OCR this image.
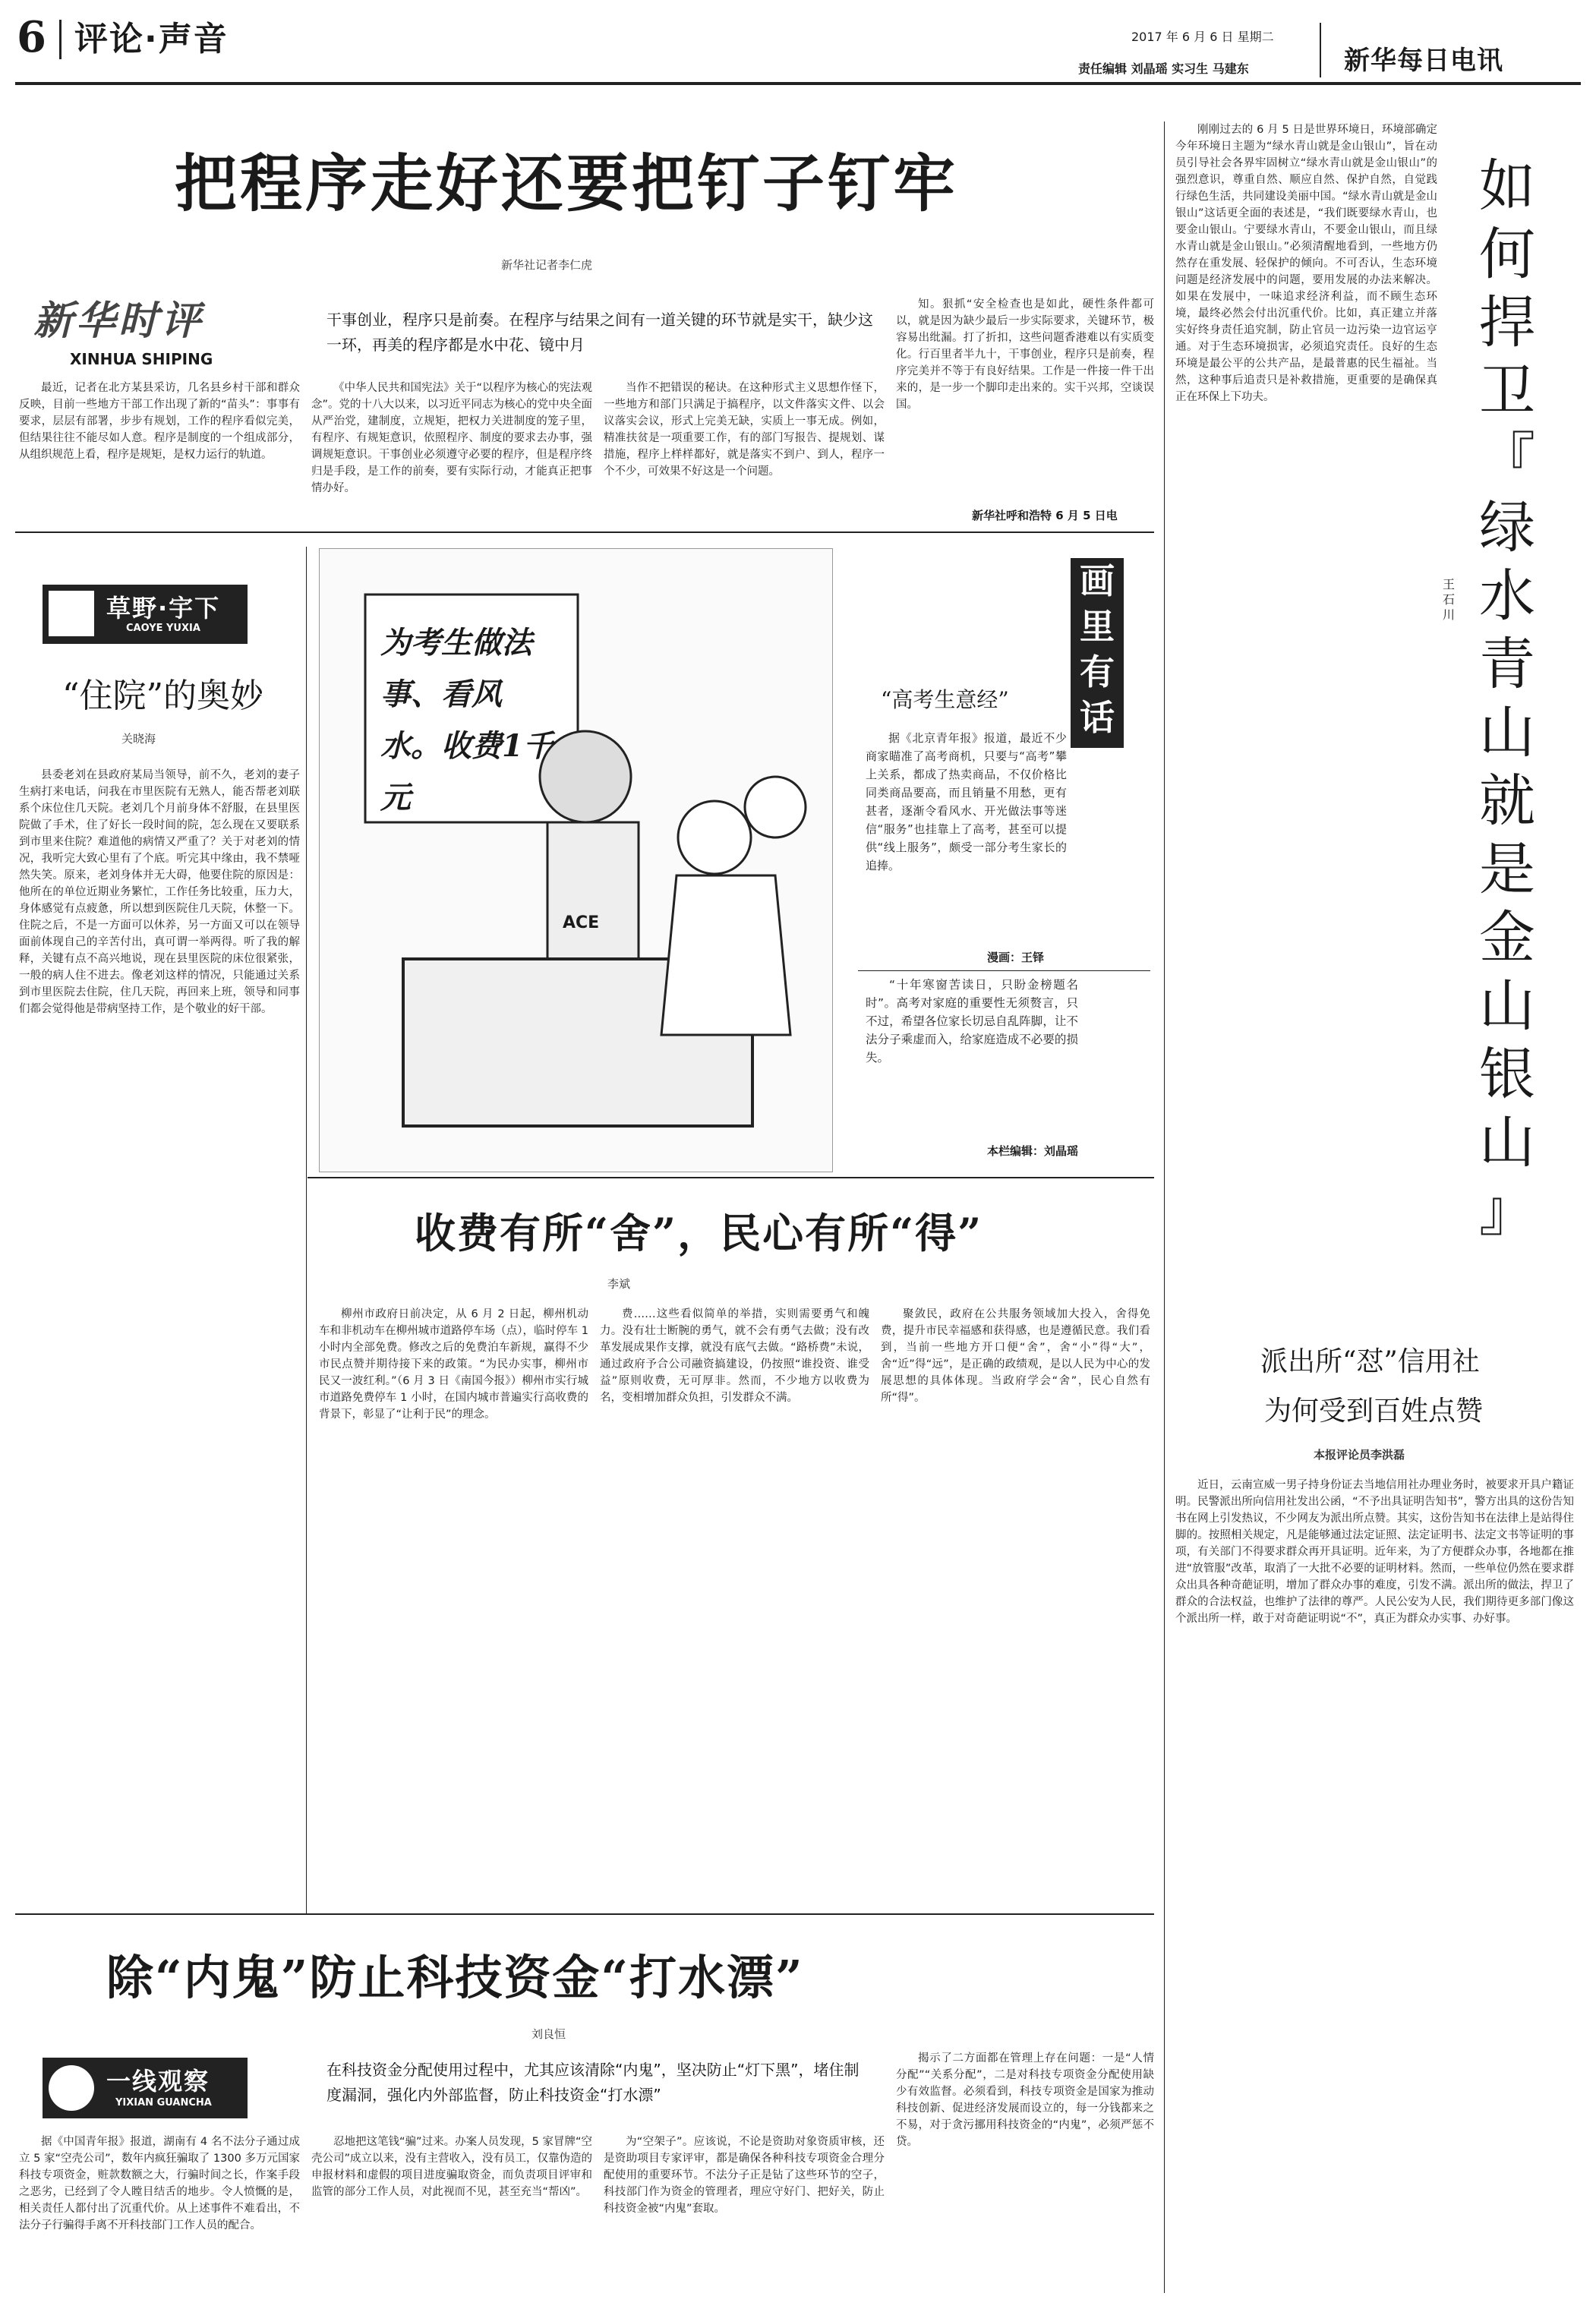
6 评论·声音	2017 年 6 月 6 日 星期二
责任编辑 刘晶瑶 实习生 马建东	新华每日电讯
把程序走好还要把钉子钉牢
新华社记者李仁虎
新华时评
XINHUA SHIPING
干事创业，程序只是前奏。在程序与结果之间有一道关键的环节就是实干，缺少这一环，再美的程序都是水中花、镜中月

最近，记者在北方某县采访，几名县乡村干部和群众反映，目前一些地方干部工作出现了新的“苗头”：事事有要求，层层有部署，步步有规划，工作的程序看似完美，但结果往往不能尽如人意。程序是制度的一个组成部分，从组织规范上看，程序是规矩，是权力运行的轨道。

《中华人民共和国宪法》关于“以程序为核心的宪法观念”。党的十八大以来，以习近平同志为核心的党中央全面从严治党，建制度，立规矩，把权力关进制度的笼子里，有程序、有规矩意识，依照程序、制度的要求去办事，强调规矩意识。干事创业必须遵守必要的程序，但是程序终归是手段，是工作的前奏，要有实际行动，才能真正把事情办好。

当作不把错误的秘诀。在这种形式主义思想作怪下，一些地方和部门只满足于搞程序，以文件落实文件、以会议落实会议，形式上完美无缺，实质上一事无成。例如，精准扶贫是一项重要工作，有的部门写报告、提规划、谋措施，程序上样样都好，就是落实不到户、到人，程序一个不少，可效果不好这是一个问题。

知。狠抓“安全检查也是如此，硬性条件都可以，就是因为缺少最后一步实际要求，关键环节，极容易出纰漏。打了折扣，这些问题香港难以有实质变化。行百里者半九十，干事创业，程序只是前奏，程序完美并不等于有良好结果。工作是一件接一件干出来的，是一步一个脚印走出来的。实干兴邦，空谈误国。

新华社呼和浩特 6 月 5 日电
草野·宇下
CAOYE YUXIA
“住院”的奥妙
关晓海

县委老刘在县政府某局当领导，前不久，老刘的妻子生病打来电话，问我在市里医院有无熟人，能否帮老刘联系个床位住几天院。老刘几个月前身体不舒服，在县里医院做了手术，住了好长一段时间的院，怎么现在又要联系到市里来住院？难道他的病情又严重了？关于对老刘的情况，我听完大致心里有了个底。听完其中缘由，我不禁哑然失笑。原来，老刘身体并无大碍，他要住院的原因是：他所在的单位近期业务繁忙，工作任务比较重，压力大，身体感觉有点疲惫，所以想到医院住几天院，休整一下。住院之后，不是一方面可以休养，另一方面又可以在领导面前体现自己的辛苦付出，真可谓一举两得。听了我的解释，关键有点不高兴地说，现在县里医院的床位很紧张，一般的病人住不进去。像老刘这样的情况，只能通过关系到市里医院去住院，住几天院，再回来上班，领导和同事们都会觉得他是带病坚持工作，是个敬业的好干部。

为考生做法事、看风水。收费1千元
ACE
画
里
有
话
“高考生意经”

据《北京青年报》报道，最近不少商家瞄准了高考商机，只要与“高考”攀上关系，都成了热卖商品，不仅价格比同类商品要高，而且销量不用愁，更有甚者，逐渐令看风水、开光做法事等迷信“服务”也挂靠上了高考，甚至可以提供“线上服务”，颇受一部分考生家长的追捧。

漫画：王铎

“十年寒窗苦读日，只盼金榜题名时”。高考对家庭的重要性无须赘言，只不过，希望各位家长切忌自乱阵脚，让不法分子乘虚而入，给家庭造成不必要的损失。

本栏编辑：刘晶瑶
收费有所“舍”，民心有所“得”
李斌

柳州市政府日前决定，从 6 月 2 日起，柳州机动车和非机动车在柳州城市道路停车场（点），临时停车 1 小时内全部免费。修改之后的免费泊车新规，赢得不少市民点赞并期待接下来的政策。“为民办实事，柳州市民又一波红利。”（6 月 3 日《南国今报》）柳州市实行城市道路免费停车 1 小时，在国内城市普遍实行高收费的背景下，彰显了“让利于民”的理念。

费……这些看似简单的举措，实则需要勇气和魄力。没有壮士断腕的勇气，就不会有勇气去做；没有改革发展成果作支撑，就没有底气去做。“路桥费”未说，通过政府予合公司融资搞建设，仍按照“谁投资、谁受益”原则收费，无可厚非。然而，不少地方以收费为名，变相增加群众负担，引发群众不满。

聚敛民，政府在公共服务领域加大投入，舍得免费，提升市民幸福感和获得感，也是遵循民意。我们看到，当前一些地方开口便“舍”，舍“小”得“大”，舍“近”得“远”，是正确的政绩观，是以人民为中心的发展思想的具体体现。当政府学会“舍”，民心自然有所“得”。

除“内鬼”防止科技资金“打水漂”
刘良恒
一线观察
YIXIAN GUANCHA
在科技资金分配使用过程中，尤其应该清除“内鬼”，坚决防止“灯下黑”，堵住制度漏洞，强化内外部监督，防止科技资金“打水漂”

据《中国青年报》报道，湖南有 4 名不法分子通过成立 5 家“空壳公司”，数年内疯狂骗取了 1300 多万元国家科技专项资金，赃款数额之大，行骗时间之长，作案手段之恶劣，已经到了令人瞠目结舌的地步。令人愤慨的是，相关责任人都付出了沉重代价。从上述事件不难看出，不法分子行骗得手离不开科技部门工作人员的配合。

忍地把这笔钱“骗”过来。办案人员发现，5 家冒牌“空壳公司”成立以来，没有主营收入，没有员工，仅靠伪造的申报材料和虚假的项目进度骗取资金，而负责项目评审和监管的部分工作人员，对此视而不见，甚至充当“帮凶”。

为“空架子”。应该说，不论是资助对象资质审核，还是资助项目专家评审，都是确保各种科技专项资金合理分配使用的重要环节。不法分子正是钻了这些环节的空子，科技部门作为资金的管理者，理应守好门、把好关，防止科技资金被“内鬼”套取。

揭示了二方面都在管理上存在问题：一是“人情分配”“关系分配”，二是对科技专项资金分配使用缺少有效监督。必须看到，科技专项资金是国家为推动科技创新、促进经济发展而设立的，每一分钱都来之不易，对于贪污挪用科技资金的“内鬼”，必须严惩不贷。

刚刚过去的 6 月 5 日是世界环境日，环境部确定今年环境日主题为“绿水青山就是金山银山”，旨在动员引导社会各界牢固树立“绿水青山就是金山银山”的强烈意识，尊重自然、顺应自然、保护自然，自觉践行绿色生活，共同建设美丽中国。“绿水青山就是金山银山”这话更全面的表述是，“我们既要绿水青山，也要金山银山。宁要绿水青山，不要金山银山，而且绿水青山就是金山银山。”必须清醒地看到，一些地方仍然存在重发展、轻保护的倾向。不可否认，生态环境问题是经济发展中的问题，要用发展的办法来解决。如果在发展中，一味追求经济利益，而不顾生态环境，最终必然会付出沉重代价。比如，真正建立并落实好终身责任追究制，防止官员一边污染一边官运亨通。对于生态环境损害，必须追究责任。良好的生态环境是最公平的公共产品，是最普惠的民生福祉。当然，这种事后追责只是补救措施，更重要的是确保真正在环保上下功夫。

如
何
捍
卫
『
绿
水
青
山
就
是
金
山
银
山
』
王石川
派出所“怼”信用社
为何受到百姓点赞
本报评论员李洪磊

近日，云南宣威一男子持身份证去当地信用社办理业务时，被要求开具户籍证明。民警派出所向信用社发出公函，“不予出具证明告知书”，警方出具的这份告知书在网上引发热议，不少网友为派出所点赞。其实，这份告知书在法律上是站得住脚的。按照相关规定，凡是能够通过法定证照、法定证明书、法定文书等证明的事项，有关部门不得要求群众再开具证明。近年来，为了方便群众办事，各地都在推进“放管服”改革，取消了一大批不必要的证明材料。然而，一些单位仍然在要求群众出具各种奇葩证明，增加了群众办事的难度，引发不满。派出所的做法，捍卫了群众的合法权益，也维护了法律的尊严。人民公安为人民，我们期待更多部门像这个派出所一样，敢于对奇葩证明说“不”，真正为群众办实事、办好事。
